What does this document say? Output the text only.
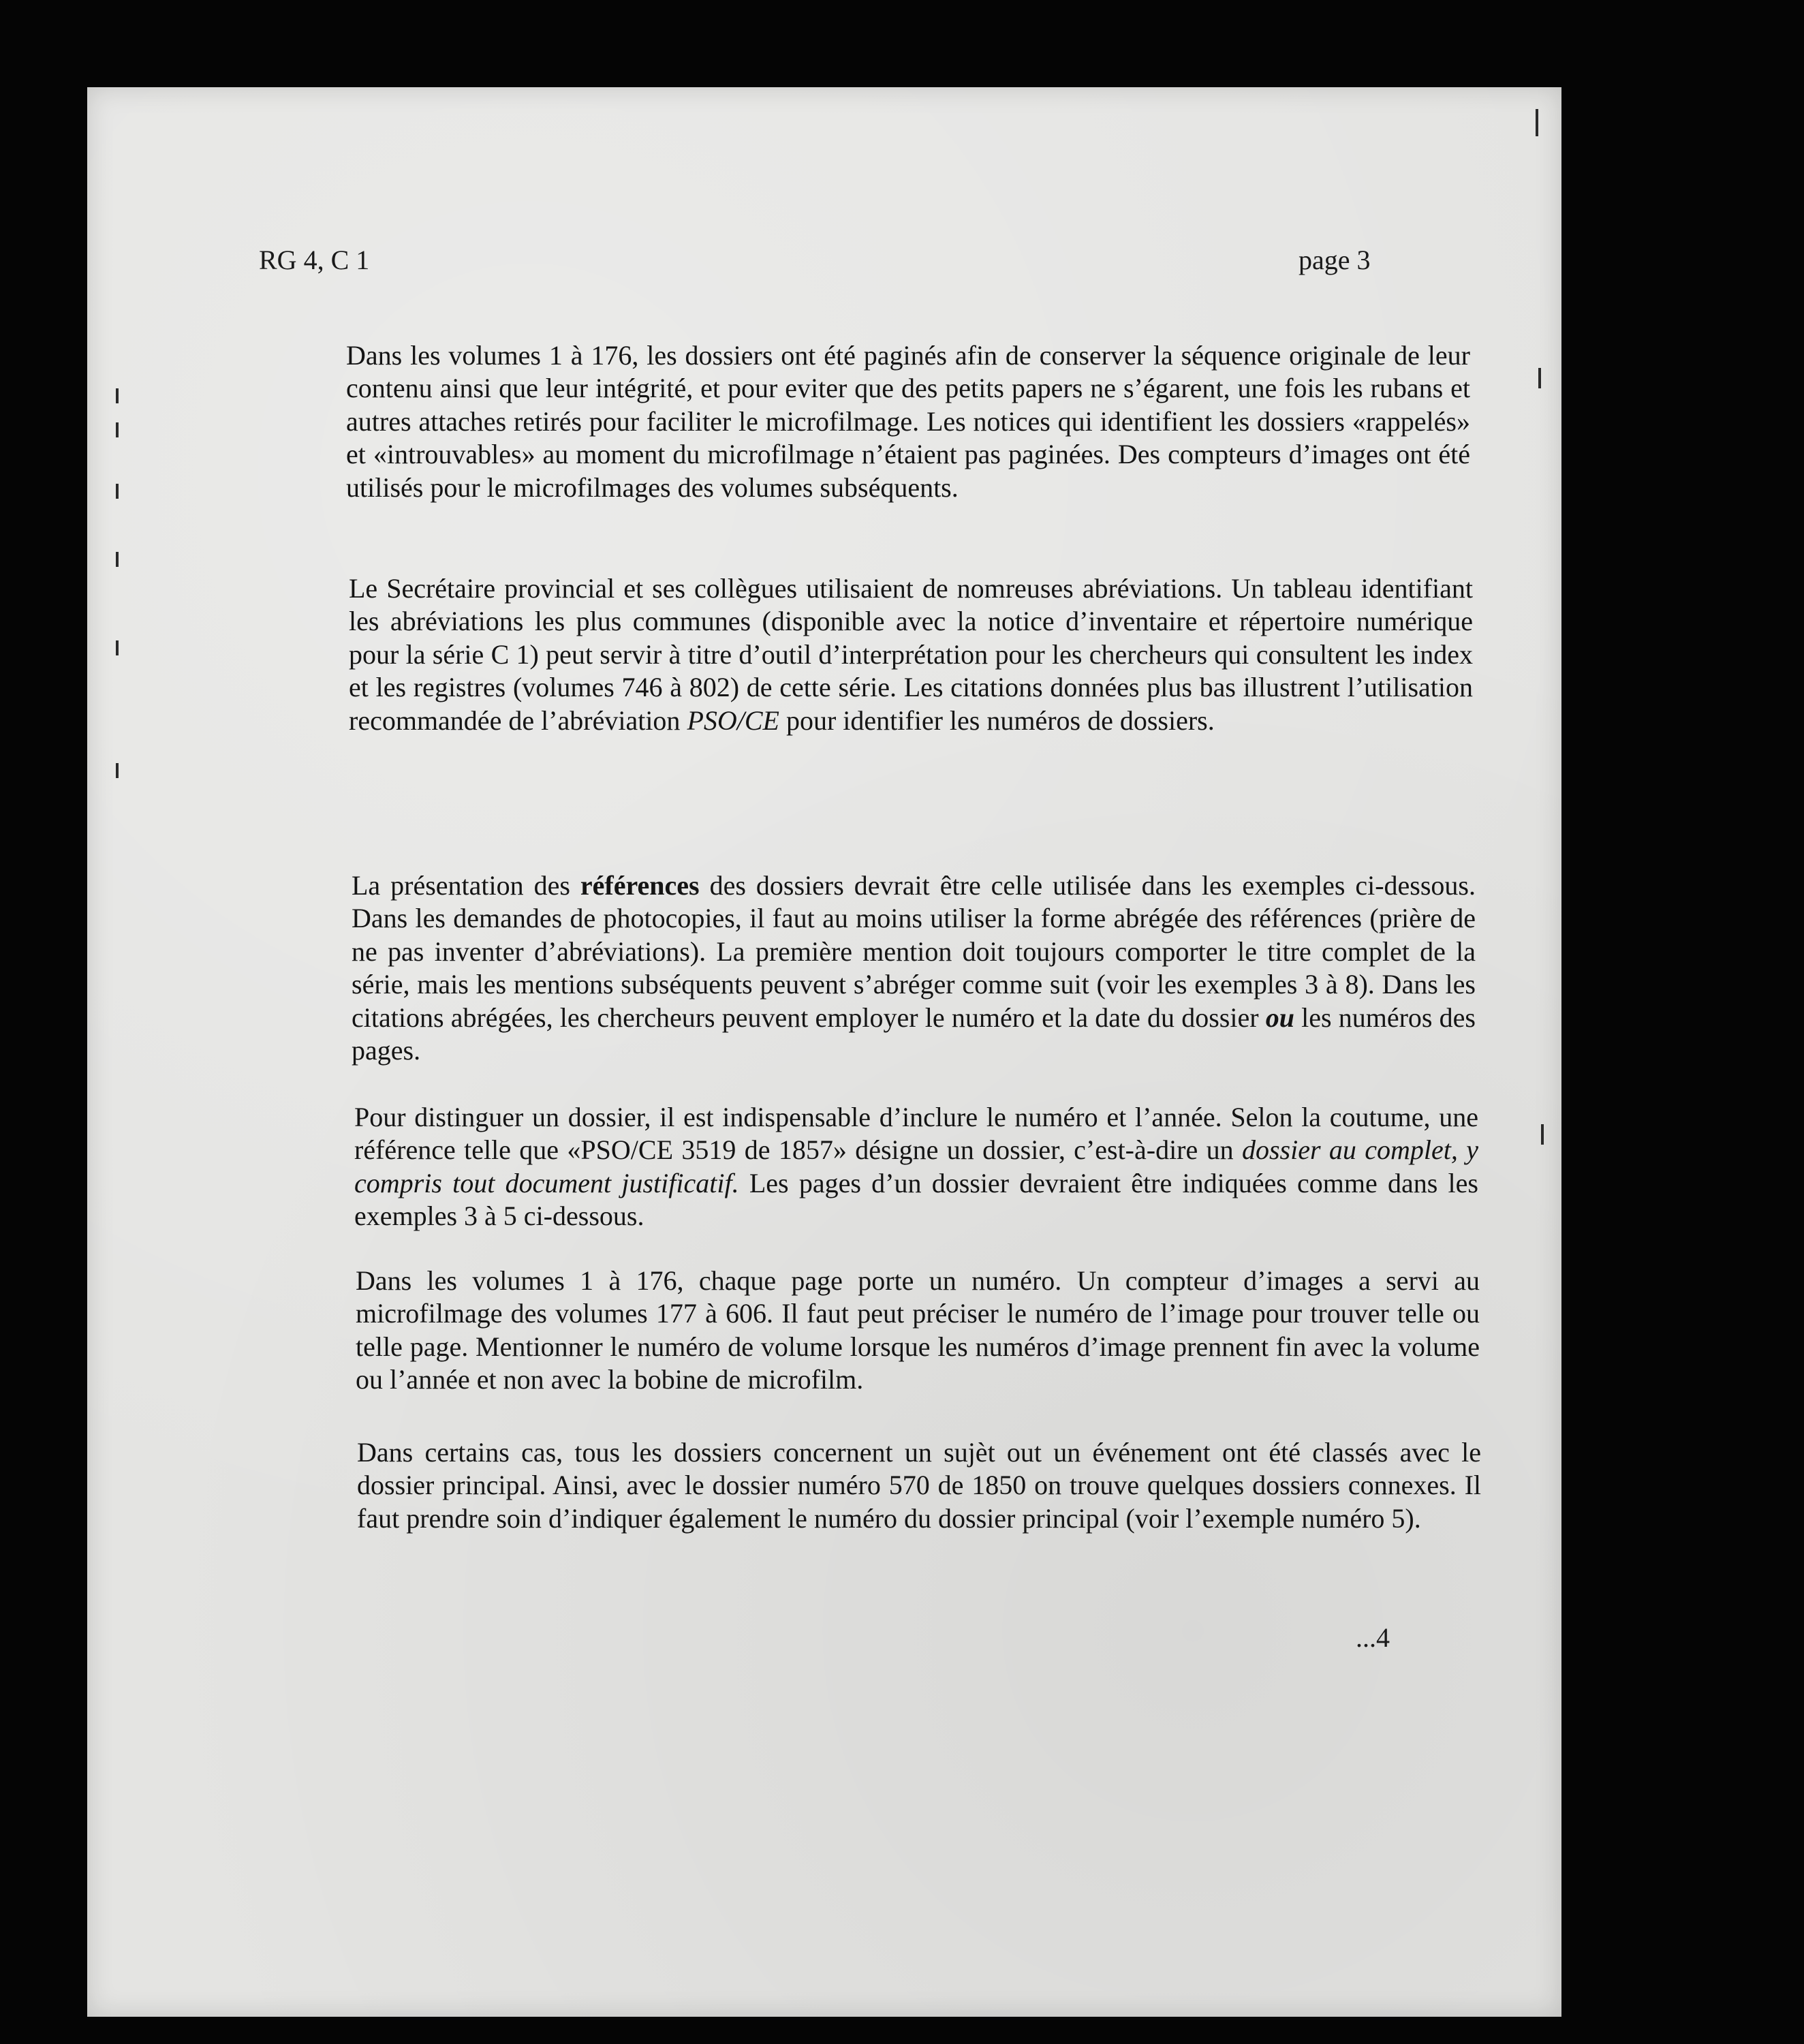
RG 4, C 1	page 3

Dans les volumes 1 à 176, les dossiers ont été paginés afin de conserver la séquence originale de leur contenu ainsi que leur intégrité, et pour eviter que des petits papers ne s’égarent, une fois les rubans et autres attaches retirés pour faciliter le microfilmage. Les notices qui identifient les dossiers «rappelés» et «introuvables» au moment du microfilmage n’étaient pas paginées. Des compteurs d’images ont été utilisés pour le microfilmages des volumes subséquents.

Le Secrétaire provincial et ses collègues utilisaient de nomreuses abréviations. Un tableau identifiant les abréviations les plus communes (disponible avec la notice d’inventaire et répertoire numérique pour la série C 1) peut servir à titre d’outil d’interprétation pour les chercheurs qui consultent les index et les registres (volumes 746 à 802) de cette série. Les citations données plus bas illustrent l’utilisation recommandée de l’abréviation PSO/CE pour identifier les numéros de dossiers.

La présentation des références des dossiers devrait être celle utilisée dans les exemples ci-dessous. Dans les demandes de photocopies, il faut au moins utiliser la forme abrégée des références (prière de ne pas inventer d’abréviations). La première mention doit toujours comporter le titre complet de la série, mais les mentions subséquents peuvent s’abréger comme suit (voir les exemples 3 à 8). Dans les citations abrégées, les chercheurs peuvent employer le numéro et la date du dossier ou les numéros des pages.

Pour distinguer un dossier, il est indispensable d’inclure le numéro et l’année. Selon la coutume, une référence telle que «PSO/CE 3519 de 1857» désigne un dossier, c’est-à-dire un dossier au complet, y compris tout document justificatif. Les pages d’un dossier devraient être indiquées comme dans les exemples 3 à 5 ci-dessous.

Dans les volumes 1 à 176, chaque page porte un numéro. Un compteur d’images a servi au microfilmage des volumes 177 à 606. Il faut peut préciser le numéro de l’image pour trouver telle ou telle page. Mentionner le numéro de volume lorsque les numéros d’image prennent fin avec la volume ou l’année et non avec la bobine de microfilm.

Dans certains cas, tous les dossiers concernent un sujèt out un événement ont été classés avec le dossier principal. Ainsi, avec le dossier numéro 570 de 1850 on trouve quelques dossiers connexes. Il faut prendre soin d’indiquer également le numéro du dossier principal (voir l’exemple numéro 5).

...4
